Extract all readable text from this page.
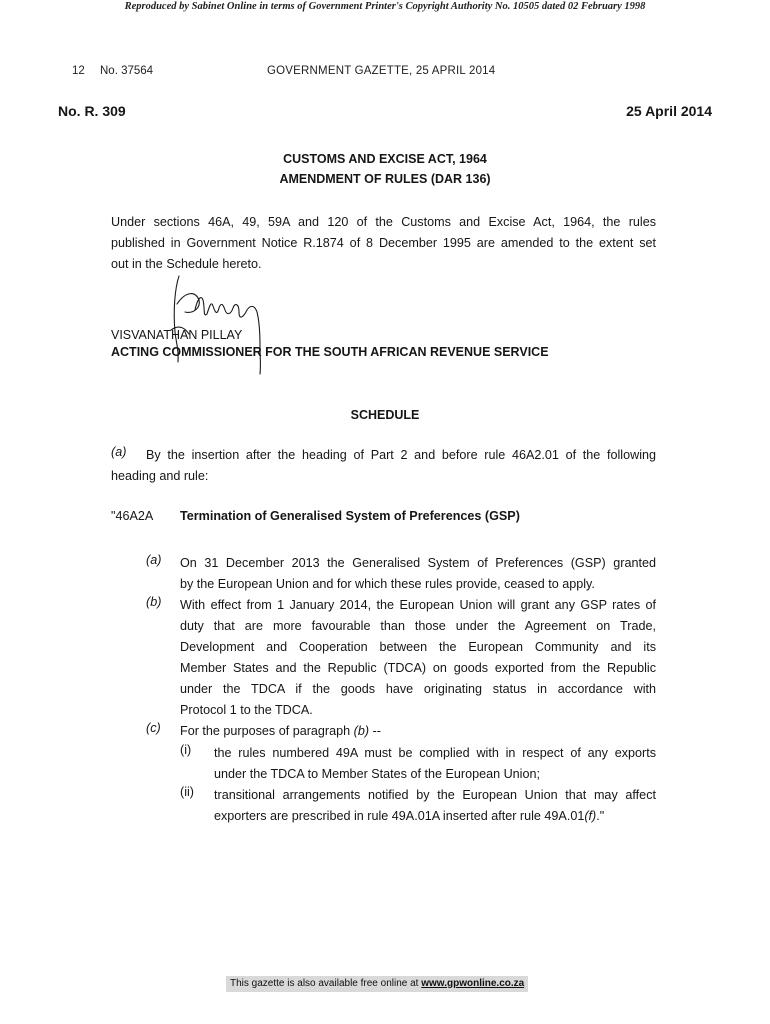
Reproduced by Sabinet Online in terms of Government Printer's Copyright Authority No. 10505 dated 02 February 1998
12 No. 37564	GOVERNMENT GAZETTE, 25 APRIL 2014
No. R. 309	25 April 2014
CUSTOMS AND EXCISE ACT, 1964
AMENDMENT OF RULES (DAR 136)
Under sections 46A, 49, 59A and 120 of the Customs and Excise Act, 1964, the rules
published in Government Notice R.1874 of 8 December 1995 are amended to the extent set
out in the Schedule hereto.
VISVANATHAN PILLAY
ACTING COMMISSIONER FOR THE SOUTH AFRICAN REVENUE SERVICE
SCHEDULE
(a)	By the insertion after the heading of Part 2 and before rule 46A2.01 of the following
heading and rule:
"46A2A Termination of Generalised System of Preferences (GSP)
(a) On 31 December 2013 the Generalised System of Preferences (GSP) granted
by the European Union and for which these rules provide, ceased to apply.
(b) With effect from 1 January 2014, the European Union will grant any GSP rates of
duty that are more favourable than those under the Agreement on Trade,
Development and Cooperation between the European Community and its
Member States and the Republic (TDCA) on goods exported from the Republic
under the TDCA if the goods have originating status in accordance with
Protocol 1 to the TDCA.
(c) For the purposes of paragraph (b) --
(i) the rules numbered 49A must be complied with in respect of any exports
under the TDCA to Member States of the European Union;
(ii) transitional arrangements notified by the European Union that may affect
exporters are prescribed in rule 49A.01A inserted after rule 49A.01(f)."
This gazette is also available free online at www.gpwonline.co.za
